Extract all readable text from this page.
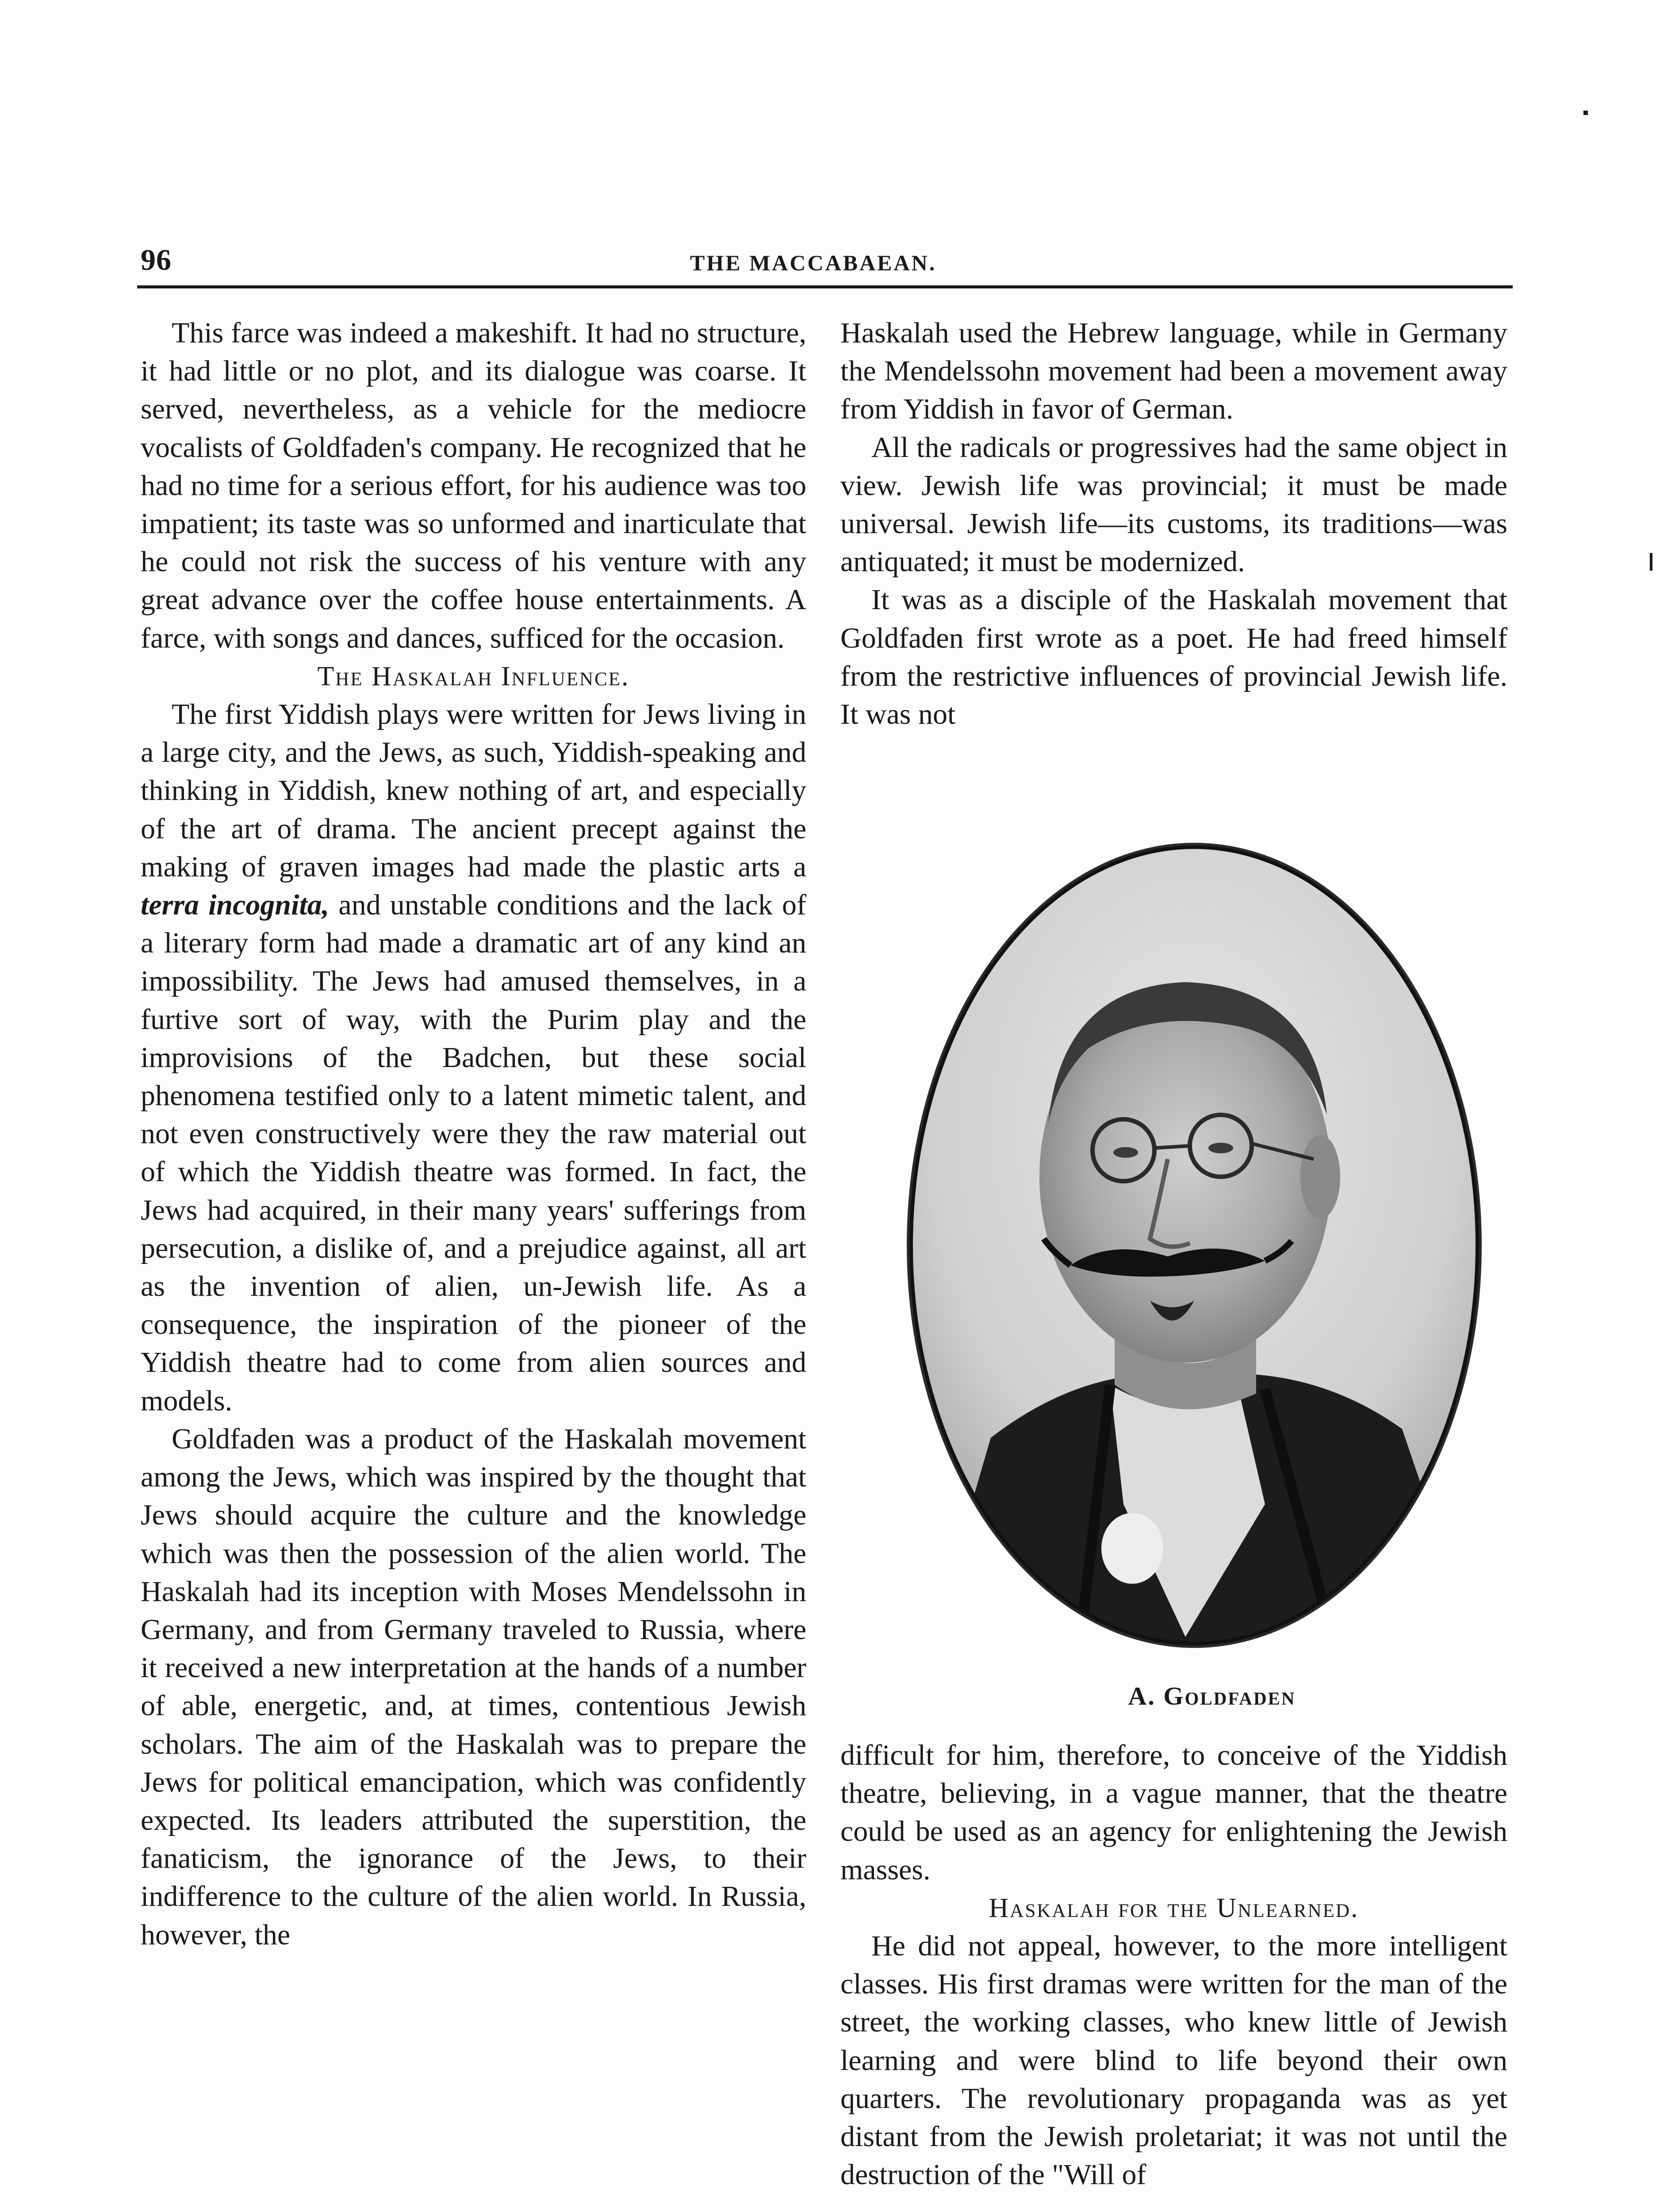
96	THE MACCABAEAN.

This farce was indeed a makeshift. It had no structure, it had little or no plot, and its dialogue was coarse. It served, nevertheless, as a vehicle for the mediocre vocalists of Goldfaden's company. He recognized that he had no time for a serious effort, for his audience was too impatient; its taste was so unformed and inarticulate that he could not risk the success of his venture with any great advance over the coffee house entertainments. A farce, with songs and dances, sufficed for the occasion.

The Haskalah Influence.

The first Yiddish plays were written for Jews living in a large city, and the Jews, as such, Yiddish-speaking and thinking in Yiddish, knew nothing of art, and especially of the art of drama. The ancient precept against the making of graven images had made the plastic arts a terra incognita, and unstable conditions and the lack of a literary form had made a dramatic art of any kind an impossibility. The Jews had amused themselves, in a furtive sort of way, with the Purim play and the improvisions of the Badchen, but these social phenomena testified only to a latent mimetic talent, and not even constructively were they the raw material out of which the Yiddish theatre was formed. In fact, the Jews had acquired, in their many years' sufferings from persecution, a dislike of, and a prejudice against, all art as the invention of alien, un-Jewish life. As a consequence, the inspiration of the pioneer of the Yiddish theatre had to come from alien sources and models.

Goldfaden was a product of the Haskalah movement among the Jews, which was inspired by the thought that Jews should acquire the culture and the knowledge which was then the possession of the alien world. The Haskalah had its inception with Moses Mendelssohn in Germany, and from Germany traveled to Russia, where it received a new interpretation at the hands of a number of able, energetic, and, at times, contentious Jewish scholars. The aim of the Haskalah was to prepare the Jews for political emancipation, which was confidently expected. Its leaders attributed the superstition, the fanaticism, the ignorance of the Jews, to their indifference to the culture of the alien world. In Russia, however, the

Haskalah used the Hebrew language, while in Germany the Mendelssohn movement had been a movement away from Yiddish in favor of German.

All the radicals or progressives had the same object in view. Jewish life was provincial; it must be made universal. Jewish life—its customs, its traditions—was antiquated; it must be modernized.

It was as a disciple of the Haskalah movement that Goldfaden first wrote as a poet. He had freed himself from the restrictive influences of provincial Jewish life. It was not

A. Goldfaden

difficult for him, therefore, to conceive of the Yiddish theatre, believing, in a vague manner, that the theatre could be used as an agency for enlightening the Jewish masses.

Haskalah for the Unlearned.

He did not appeal, however, to the more intelligent classes. His first dramas were written for the man of the street, the working classes, who knew little of Jewish learning and were blind to life beyond their own quarters. The revolutionary propaganda was as yet distant from the Jewish proletariat; it was not until the destruction of the "Will of
